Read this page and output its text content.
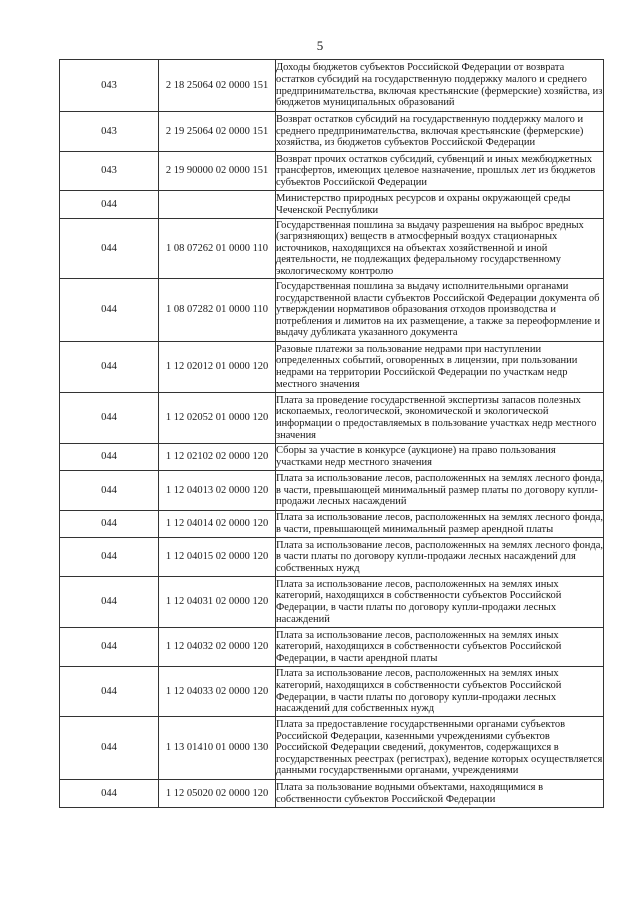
5
043	2 18 25064 02 0000 151	Доходы бюджетов субъектов Российской Федерации от возврата остатков субсидий на государственную поддержку малого и среднего предпринимательства, включая крестьянские (фермерские) хозяйства, из бюджетов муниципальных образований
043	2 19 25064 02 0000 151	Возврат остатков субсидий на государственную поддержку малого и среднего предпринимательства, включая крестьянские (фермерские) хозяйства, из бюджетов субъектов Российской Федерации
043	2 19 90000 02 0000 151	Возврат прочих остатков субсидий, субвенций и иных межбюджетных трансфертов, имеющих целевое назначение, прошлых лет из бюджетов субъектов Российской Федерации
044		Министерство природных ресурсов и охраны окружающей среды Чеченской Республики
044	1 08 07262 01 0000 110	Государственная пошлина за выдачу разрешения на выброс вредных (загрязняющих) веществ в атмосферный воздух стационарных источников, находящихся на объектах хозяйственной и иной деятельности, не подлежащих федеральному государственному экологическому контролю
044	1 08 07282 01 0000 110	Государственная пошлина за выдачу исполнительными органами государственной власти субъектов Российской Федерации документа об утверждении нормативов образования отходов производства и потребления и лимитов на их размещение, а также за переоформление и выдачу дубликата указанного документа
044	1 12 02012 01 0000 120	Разовые платежи за пользование недрами при наступлении определенных событий, оговоренных в лицензии, при пользовании недрами на территории Российской Федерации по участкам недр местного значения
044	1 12 02052 01 0000 120	Плата за проведение государственной экспертизы запасов полезных ископаемых, геологической, экономической и экологической информации о предоставляемых в пользование участках недр местного значения
044	1 12 02102 02 0000 120	Сборы за участие в конкурсе (аукционе) на право пользования участками недр местного значения
044	1 12 04013 02 0000 120	Плата за использование лесов, расположенных на землях лесного фонда, в части, превышающей минимальный размер платы по договору купли-продажи лесных насаждений
044	1 12 04014 02 0000 120	Плата за использование лесов, расположенных на землях лесного фонда, в части, превышающей минимальный размер арендной платы
044	1 12 04015 02 0000 120	Плата за использование лесов, расположенных на землях лесного фонда, в части платы по договору купли-продажи лесных насаждений для собственных нужд
044	1 12 04031 02 0000 120	Плата за использование лесов, расположенных на землях иных категорий, находящихся в собственности субъектов Российской Федерации, в части платы по договору купли-продажи лесных насаждений
044	1 12 04032 02 0000 120	Плата за использование лесов, расположенных на землях иных категорий, находящихся в собственности субъектов Российской Федерации, в части арендной платы
044	1 12 04033 02 0000 120	Плата за использование лесов, расположенных на землях иных категорий, находящихся в собственности субъектов Российской Федерации, в части платы по договору купли-продажи лесных насаждений для собственных нужд
044	1 13 01410 01 0000 130	Плата за предоставление государственными органами субъектов Российской Федерации, казенными учреждениями субъектов Российской Федерации сведений, документов, содержащихся в государственных реестрах (регистрах), ведение которых осуществляется данными государственными органами, учреждениями
044	1 12 05020 02 0000 120	Плата за пользование водными объектами, находящимися в собственности субъектов Российской Федерации
